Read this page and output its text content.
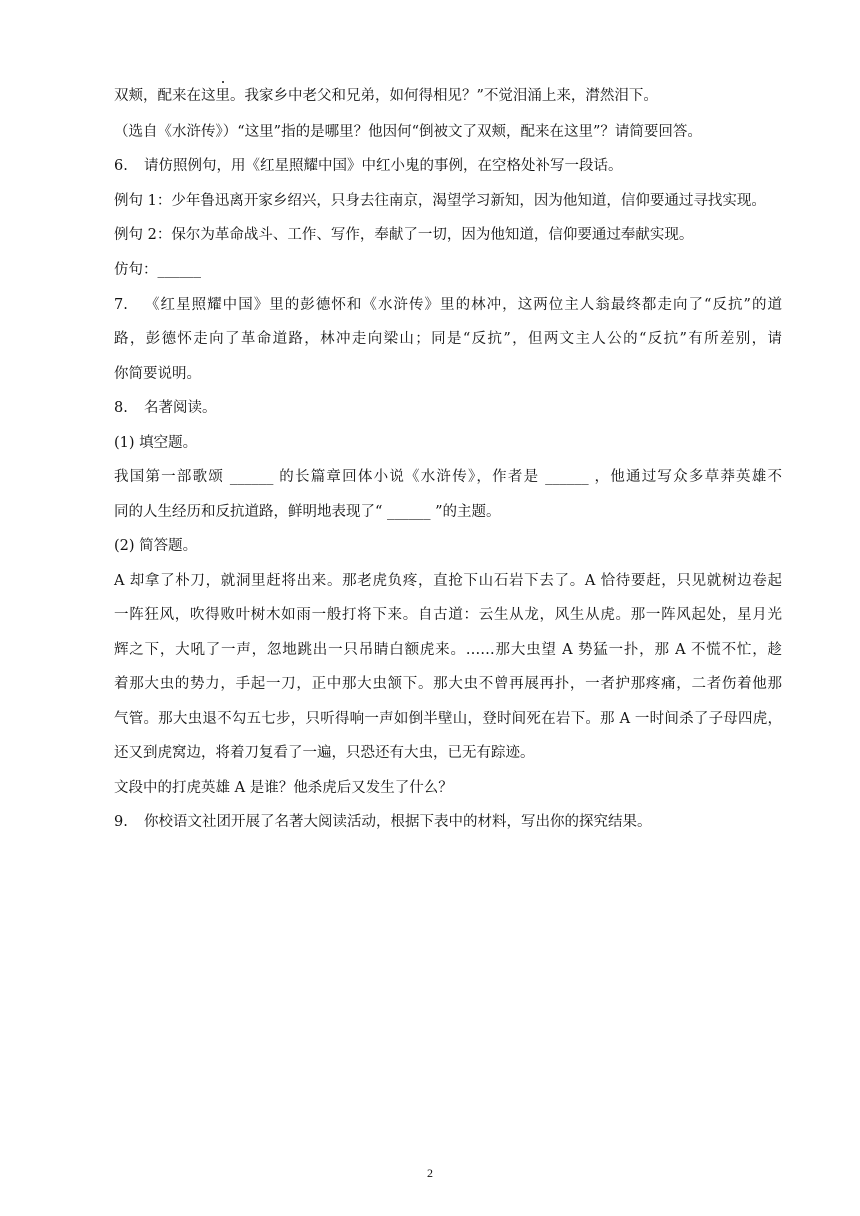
双颊，配来在这里。我家乡中老父和兄弟，如何得相见？”不觉泪涌上来，潸然泪下。
（选自《水浒传》）“这里”指的是哪里？他因何“倒被文了双颊，配来在这里”？请简要回答。
6. 请仿照例句，用《红星照耀中国》中红小鬼的事例，在空格处补写一段话。
例句 1：少年鲁迅离开家乡绍兴，只身去往南京，渴望学习新知，因为他知道，信仰要通过寻找实现。
例句 2：保尔为革命战斗、工作、写作，奉献了一切，因为他知道，信仰要通过奉献实现。
仿句：______
7. 《红星照耀中国》里的彭德怀和《水浒传》里的林冲，这两位主人翁最终都走向了“反抗”的道
路，彭德怀走向了革命道路，林冲走向梁山；同是“反抗”，但两文主人公的“反抗”有所差别，请
你简要说明。
8. 名著阅读。
(1) 填空题。
我国第一部歌颂 ______ 的长篇章回体小说《水浒传》，作者是 ______ ，他通过写众多草莽英雄不
同的人生经历和反抗道路，鲜明地表现了“ ______ ”的主题。
(2) 简答题。
A 却拿了朴刀，就洞里赶将出来。那老虎负疼，直抢下山石岩下去了。A 恰待要赶，只见就树边卷起
一阵狂风，吹得败叶树木如雨一般打将下来。自古道：云生从龙，风生从虎。那一阵风起处，星月光
辉之下，大吼了一声，忽地跳出一只吊睛白额虎来。……那大虫望 A 势猛一扑，那 A 不慌不忙，趁
着那大虫的势力，手起一刀，正中那大虫颔下。那大虫不曾再展再扑，一者护那疼痛，二者伤着他那
气管。那大虫退不勾五七步，只听得响一声如倒半壁山，登时间死在岩下。那 A 一时间杀了子母四虎，
还又到虎窝边，将着刀复看了一遍，只恐还有大虫，已无有踪迹。
文段中的打虎英雄 A 是谁？他杀虎后又发生了什么？
9. 你校语文社团开展了名著大阅读活动，根据下表中的材料，写出你的探究结果。
2
